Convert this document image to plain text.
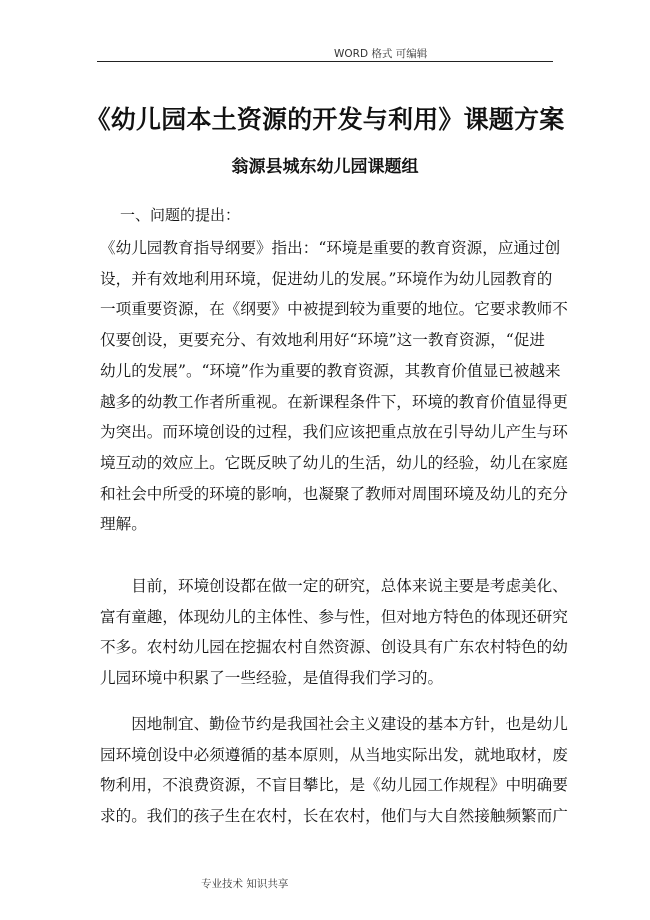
WORD 格式 可编辑
《幼儿园本土资源的开发与利用》课题方案
翁源县城东幼儿园课题组
一、问题的提出：
《幼儿园教育指导纲要》指出：“环境是重要的教育资源，应通过创
设，并有效地利用环境，促进幼儿的发展。”环境作为幼儿园教育的
一项重要资源，在《纲要》中被提到较为重要的地位。它要求教师不
仅要创设，更要充分、有效地利用好“环境”这一教育资源，“促进
幼儿的发展”。“环境”作为重要的教育资源，其教育价值显已被越来
越多的幼教工作者所重视。在新课程条件下，环境的教育价值显得更
为突出。而环境创设的过程，我们应该把重点放在引导幼儿产生与环
境互动的效应上。它既反映了幼儿的生活，幼儿的经验，幼儿在家庭
和社会中所受的环境的影响，也凝聚了教师对周围环境及幼儿的充分
理解。
　　目前，环境创设都在做一定的研究，总体来说主要是考虑美化、
富有童趣，体现幼儿的主体性、参与性，但对地方特色的体现还研究
不多。农村幼儿园在挖掘农村自然资源、创设具有广东农村特色的幼
儿园环境中积累了一些经验，是值得我们学习的。
　　因地制宜、勤俭节约是我国社会主义建设的基本方针，也是幼儿
园环境创设中必须遵循的基本原则，从当地实际出发，就地取材，废
物利用，不浪费资源，不盲目攀比，是《幼儿园工作规程》中明确要
求的。我们的孩子生在农村，长在农村，他们与大自然接触频繁而广
专业技术 知识共享
